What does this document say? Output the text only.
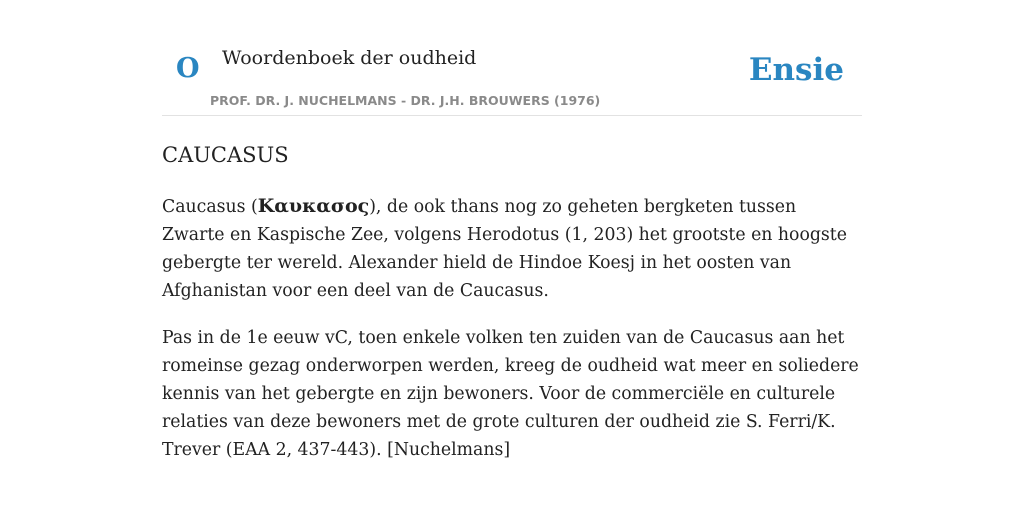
O Woordenboek der oudheid
PROF. DR. J. NUCHELMANS - DR. J.H. BROUWERS (1976)
Ensie
CAUCASUS

Caucasus (Καυκασος), de ook thans nog zo geheten bergketen tussen Zwarte en Kaspische Zee, volgens Herodotus (1, 203) het grootste en hoogste gebergte ter wereld. Alexander hield de Hindoe Koesj in het oosten van Afghanistan voor een deel van de Caucasus.

Pas in de 1e eeuw vC, toen enkele volken ten zuiden van de Caucasus aan het romeinse gezag onderworpen werden, kreeg de oudheid wat meer en soliedere kennis van het gebergte en zijn bewoners. Voor de commerciële en culturele relaties van deze bewoners met de grote culturen der oudheid zie S. Ferri/K. Trever (EAA 2, 437-443). [Nuchelmans]
